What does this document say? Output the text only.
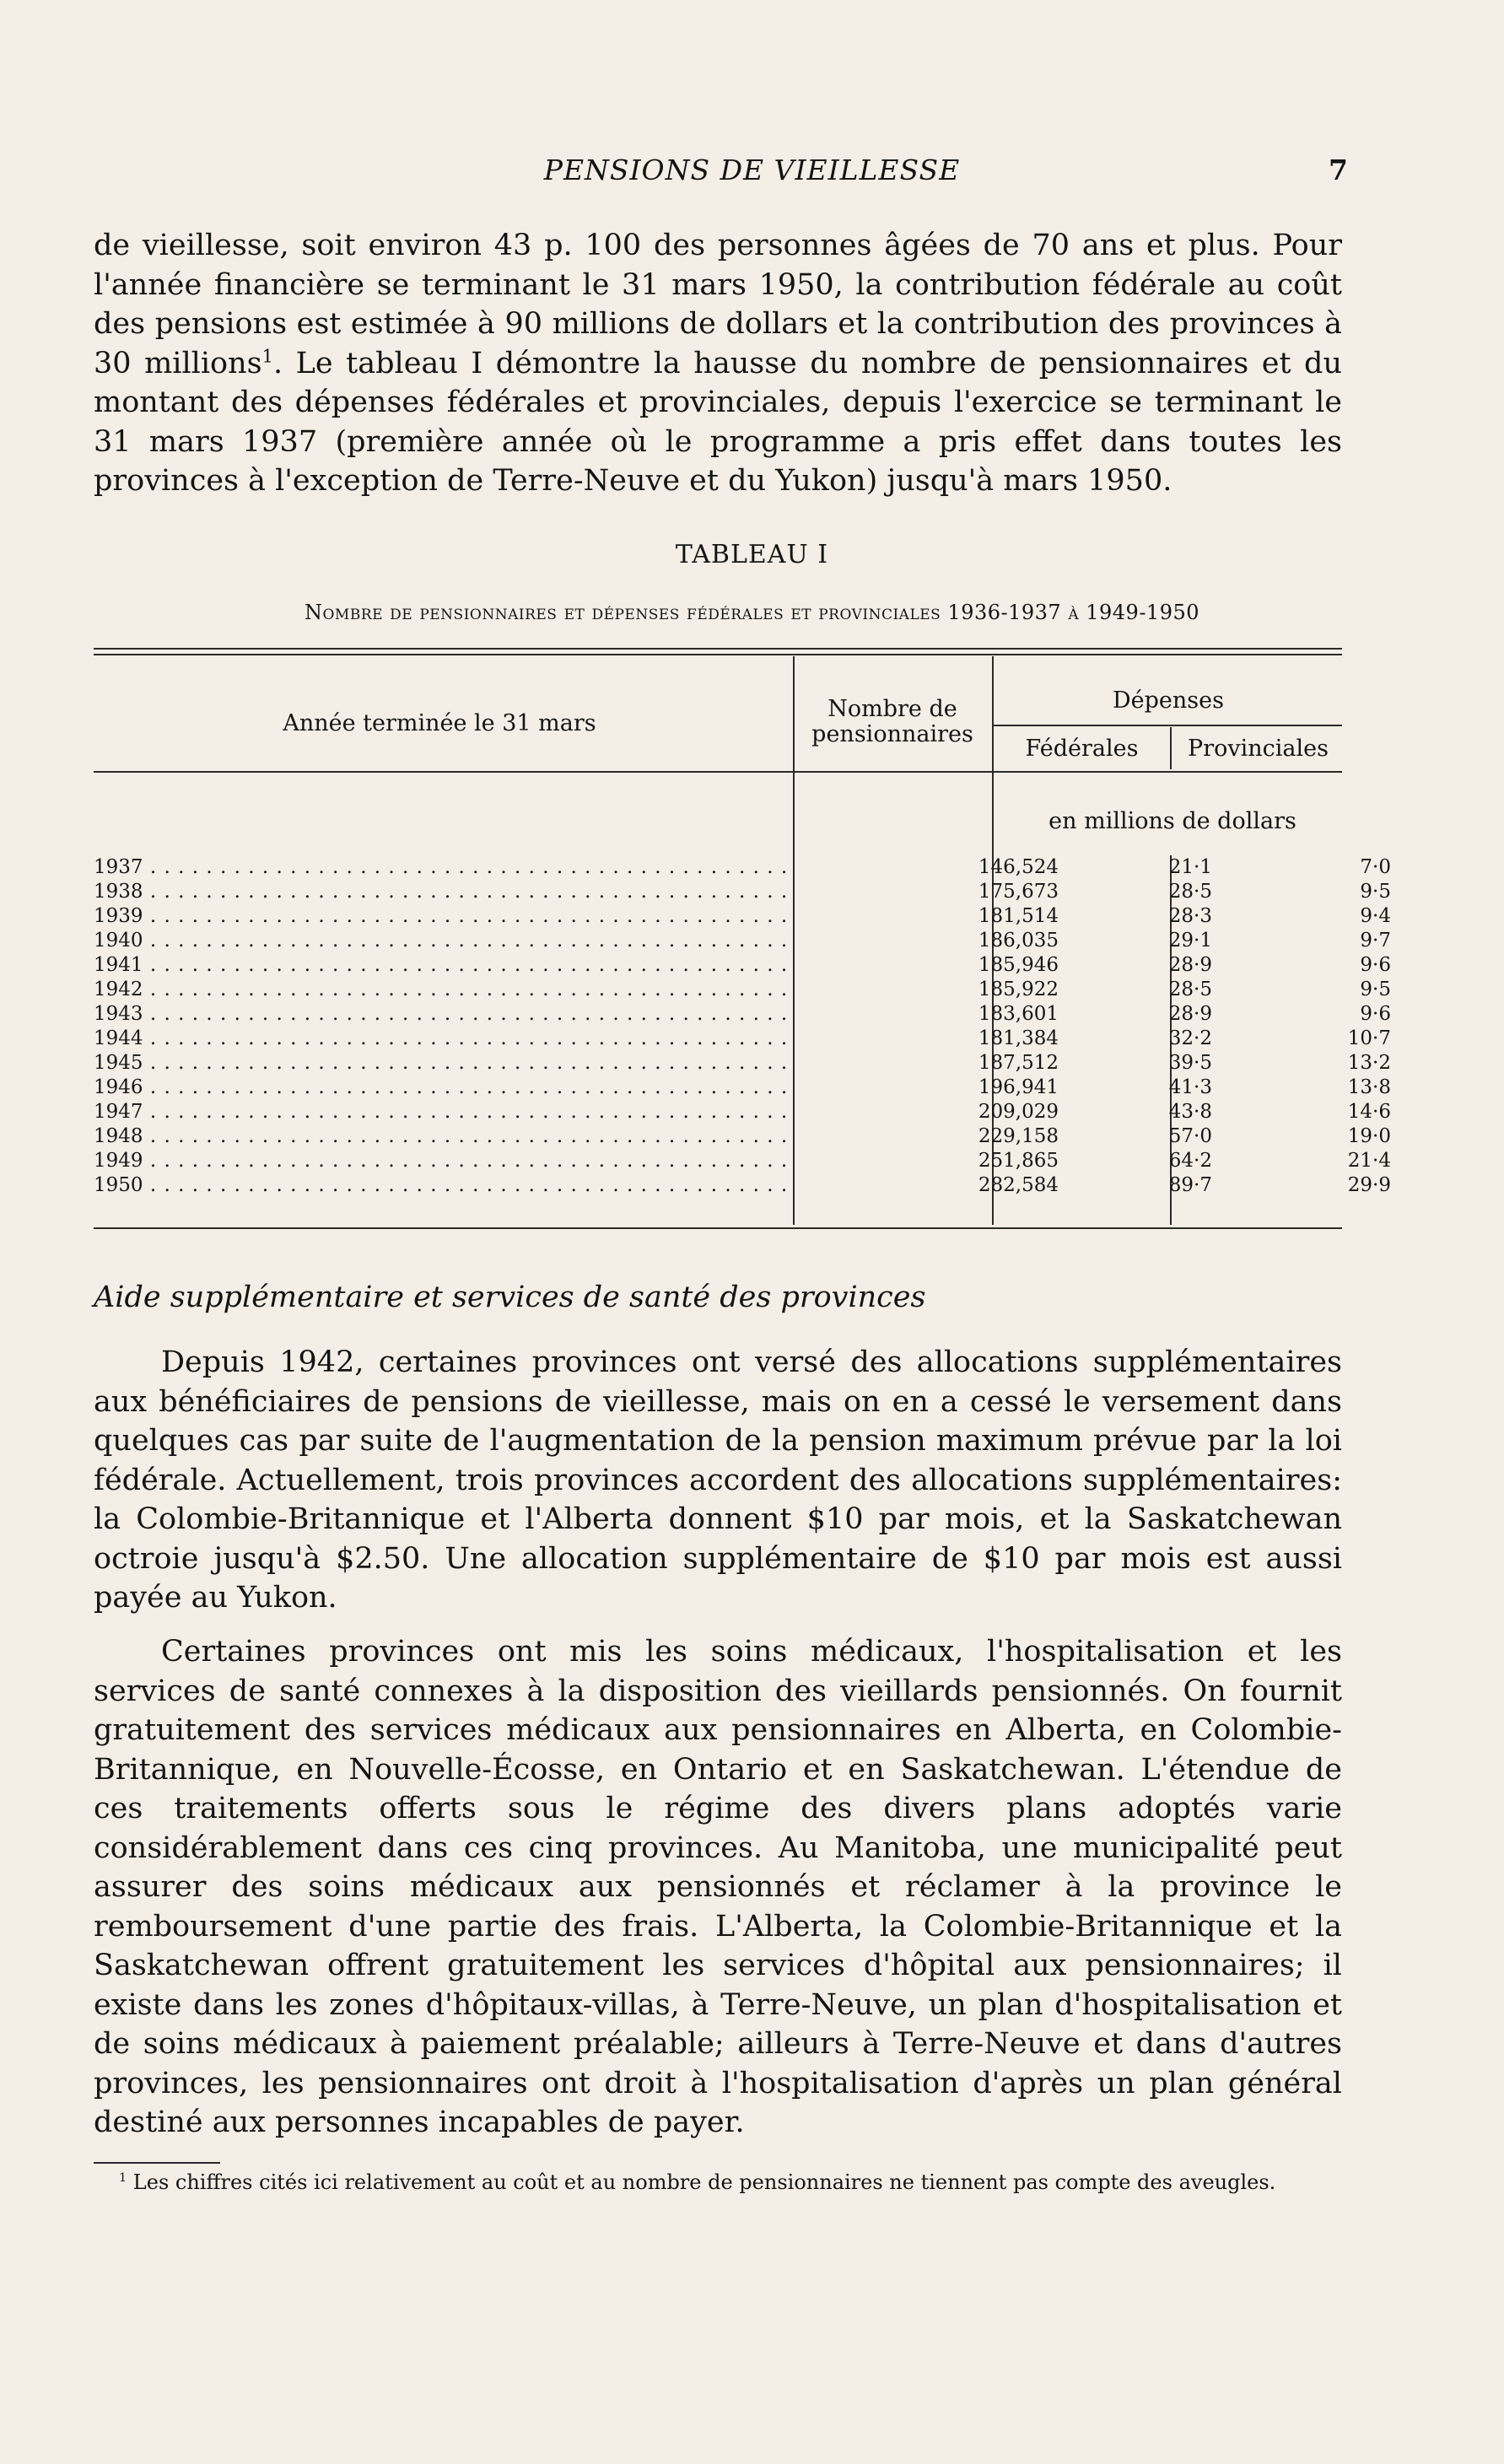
PENSIONS DE VIEILLESSE	7

de vieillesse, soit environ 43 p. 100 des personnes âgées de 70 ans et plus. Pour l'année financière se terminant le 31 mars 1950, la contribution fédérale au coût des pensions est estimée à 90 millions de dollars et la contribution des provinces à 30 millions$^1$. Le tableau I démontre la hausse du nombre de pensionnaires et du montant des dépenses fédérales et provinciales, depuis l'exercice se terminant le 31 mars 1937 (première année où le programme a pris effet dans toutes les provinces à l'exception de Terre-Neuve et du Yukon) jusqu'à mars 1950.

TABLEAU I
Nombre de pensionnaires et dépenses fédérales et provinciales 1936-1937 à 1949-1950
Année terminée le 31 mars
Nombre de pensionnaires
Dépenses
Fédérales	Provinciales
en millions de dollars
1937 . . .	146,524	21·1	7·0
1938 . . .	175,673	28·5	9·5
1939 . . .	181,514	28·3	9·4
1940 . . .	186,035	29·1	9·7
1941 . . .	185,946	28·9	9·6
1942 . . .	185,922	28·5	9·5
1943 . . .	183,601	28·9	9·6
1944 . . .	181,384	32·2	10·7
1945 . . .	187,512	39·5	13·2
1946 . . .	196,941	41·3	13·8
1947 . . .	209,029	43·8	14·6
1948 . . .	229,158	57·0	19·0
1949 . . .	251,865	64·2	21·4
1950 . . .	282,584	89·7	29·9
Aide supplémentaire et services de santé des provinces

Depuis 1942, certaines provinces ont versé des allocations supplémentaires aux bénéficiaires de pensions de vieillesse, mais on en a cessé le versement dans quelques cas par suite de l'augmentation de la pension maximum prévue par la loi fédérale. Actuellement, trois provinces accordent des allocations supplémentaires: la Colombie-Britannique et l'Alberta donnent $10 par mois, et la Saskatchewan octroie jusqu'à $2.50. Une allocation supplémentaire de $10 par mois est aussi payée au Yukon.

Certaines provinces ont mis les soins médicaux, l'hospitalisation et les services de santé connexes à la disposition des vieillards pensionnés. On fournit gratuitement des services médicaux aux pensionnaires en Alberta, en Colombie-Britannique, en Nouvelle-Écosse, en Ontario et en Saskatchewan. L'étendue de ces traitements offerts sous le régime des divers plans adoptés varie considérablement dans ces cinq provinces. Au Manitoba, une municipalité peut assurer des soins médicaux aux pensionnés et réclamer à la province le remboursement d'une partie des frais. L'Alberta, la Colombie-Britannique et la Saskatchewan offrent gratuitement les services d'hôpital aux pensionnaires; il existe dans les zones d'hôpitaux-villas, à Terre-Neuve, un plan d'hospitalisation et de soins médicaux à paiement préalable; ailleurs à Terre-Neuve et dans d'autres provinces, les pensionnaires ont droit à l'hospitalisation d'après un plan général destiné aux personnes incapables de payer.

$^1$ Les chiffres cités ici relativement au coût et au nombre de pensionnaires ne tiennent pas compte des aveugles.
